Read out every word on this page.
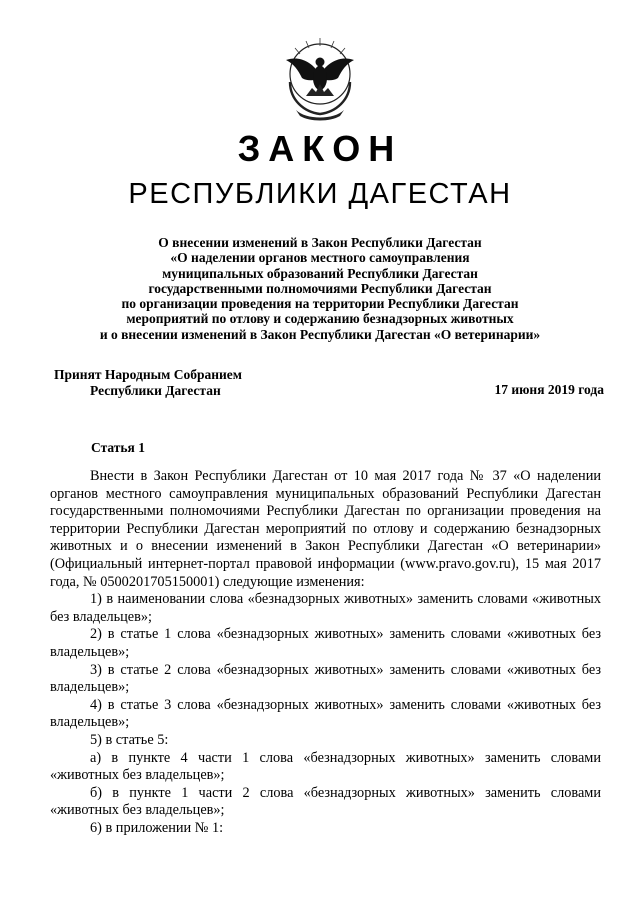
ЗАКОН
РЕСПУБЛИКИ ДАГЕСТАН
О внесении изменений в Закон Республики Дагестан
«О наделении органов местного самоуправления
муниципальных образований Республики Дагестан
государственными полномочиями Республики Дагестан
по организации проведения на территории Республики Дагестан
мероприятий по отлову и содержанию безнадзорных животных
и о внесении изменений в Закон Республики Дагестан «О ветеринарии»
Принят Народным Собранием
Республики Дагестан	17 июня 2019 года
Статья 1

Внести в Закон Республики Дагестан от 10 мая 2017 года № 37 «О наделении органов местного самоуправления муниципальных образований Республики Дагестан государственными полномочиями Республики Дагестан по организации проведения на территории Республики Дагестан мероприятий по отлову и содержанию безнадзорных животных и о внесении изменений в Закон Республики Дагестан «О ветеринарии» (Официальный интернет-портал правовой информации (www.pravo.gov.ru), 15 мая 2017 года, № 0500201705150001) следующие изменения:

1) в наименовании слова «безнадзорных животных» заменить словами «животных без владельцев»;

2) в статье 1 слова «безнадзорных животных» заменить словами «животных без владельцев»;

3) в статье 2 слова «безнадзорных животных» заменить словами «животных без владельцев»;

4) в статье 3 слова «безнадзорных животных» заменить словами «животных без владельцев»;

5) в статье 5:

а) в пункте 4 части 1 слова «безнадзорных животных» заменить словами «животных без владельцев»;

б) в пункте 1 части 2 слова «безнадзорных животных» заменить словами «животных без владельцев»;

6) в приложении № 1:
